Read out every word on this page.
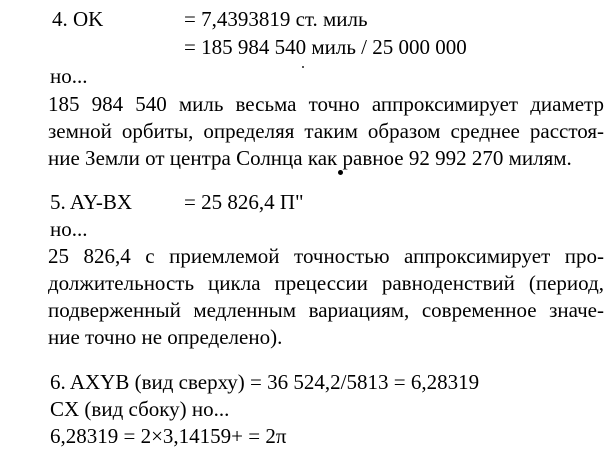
4. OK	= 7,4393819 ст. миль
= 185 984 540 миль / 25 000 000
но...
185 984 540 миль весьма точно аппроксимирует диаметр
земной орбиты, определяя таким образом среднее расстоя-
ние Земли от центра Солнца как равное 92 992 270 милям.
5. AY-BX = 25 826,4 П"
но...
25 826,4 с приемлемой точностью аппроксимирует про-
должительность цикла прецессии равноденствий (период,
подверженный медленным вариациям, современное значе-
ние точно не определено).
6. AXYB (вид сверху) = 36 524,2/5813 = 6,28319
CX (вид сбоку) но...
6,28319 = 2×3,14159+ = 2π
